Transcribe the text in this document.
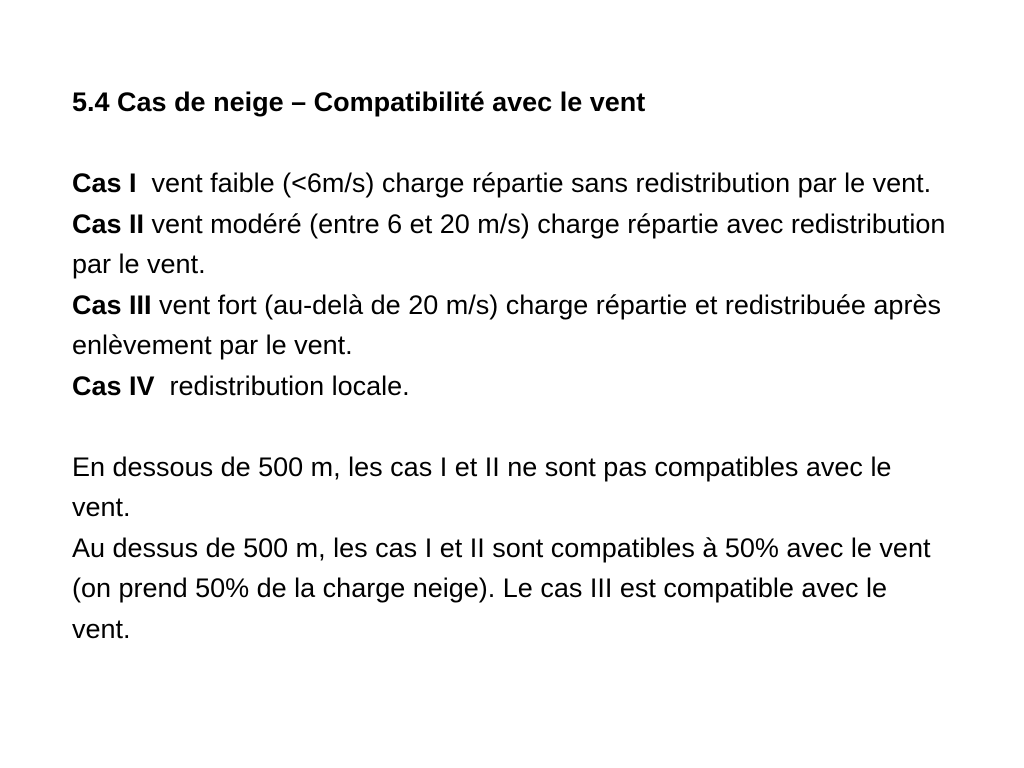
5.4 Cas de neige – Compatibilité avec le vent

Cas I  vent faible (<6m/s) charge répartie sans redistribution par le vent.

Cas II vent modéré (entre 6 et 20 m/s) charge répartie avec redistribution par le vent.

Cas III vent fort (au-delà de 20 m/s) charge répartie et redistribuée après enlèvement par le vent.

Cas IV  redistribution locale.

En dessous de 500 m, les cas I et II ne sont pas compatibles avec le vent.

Au dessus de 500 m, les cas I et II sont compatibles à 50% avec le vent (on prend 50% de la charge neige). Le cas III est compatible avec le vent.
